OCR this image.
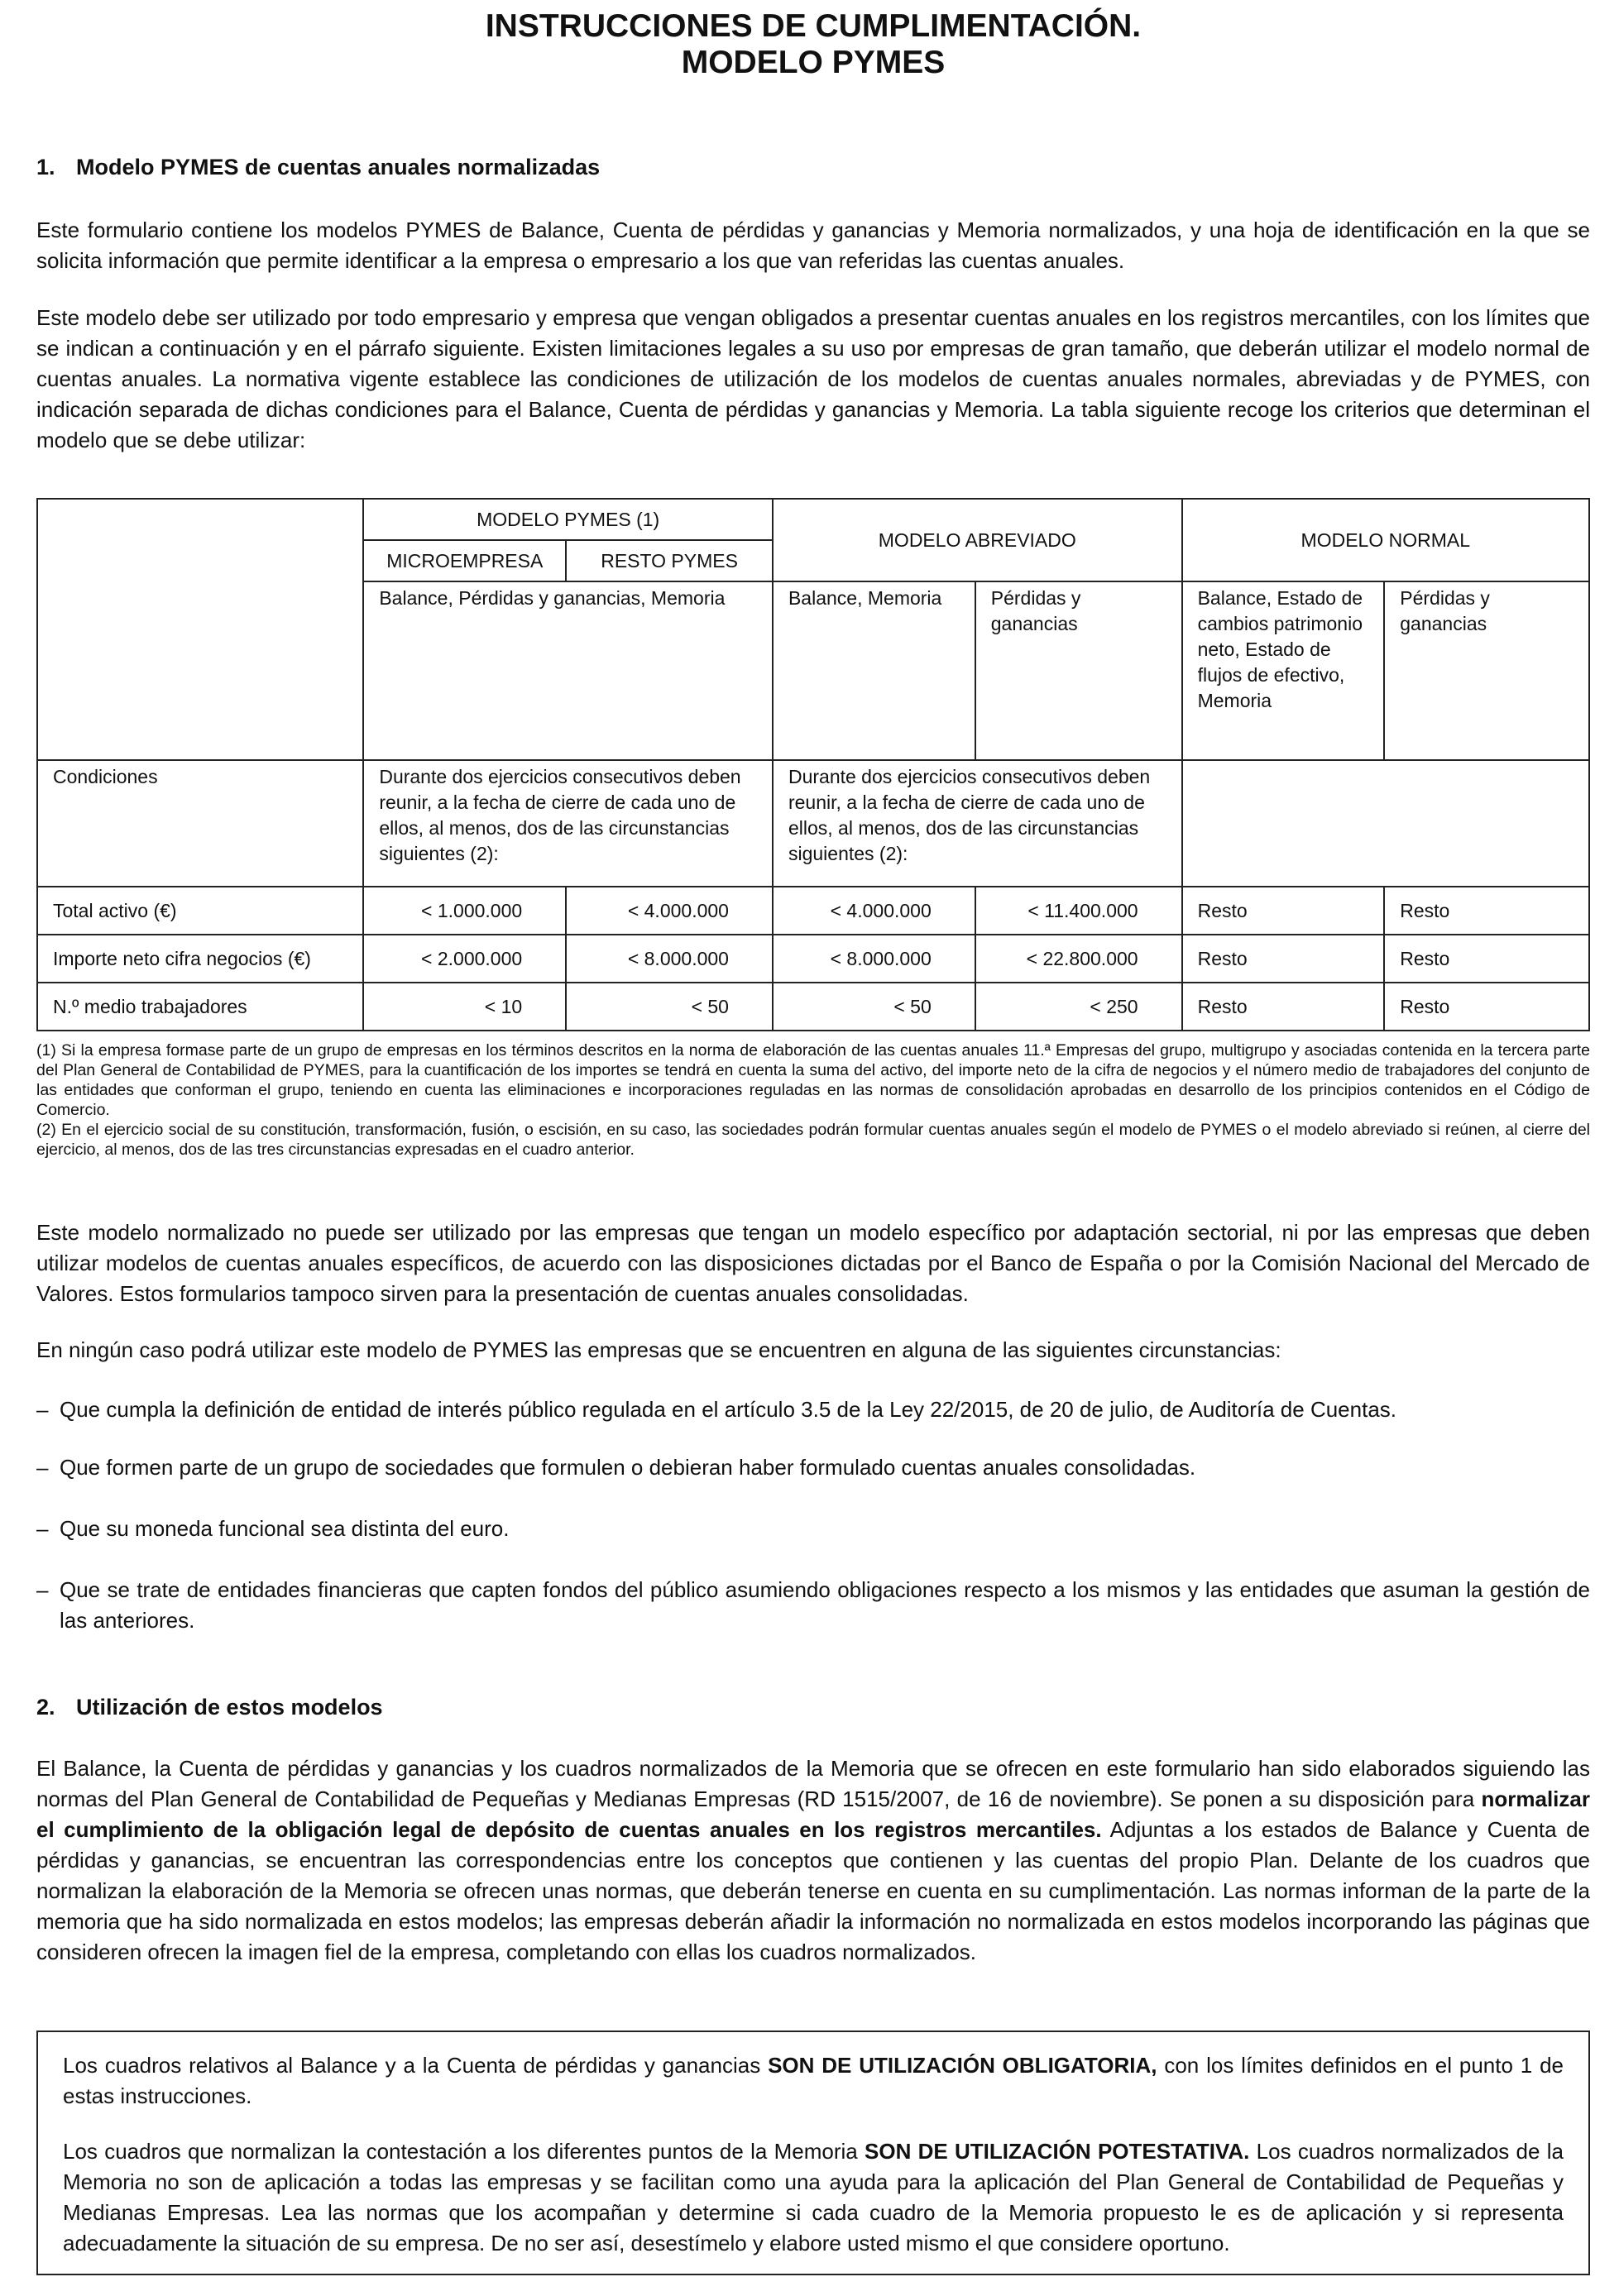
INSTRUCCIONES DE CUMPLIMENTACIÓN.
MODELO PYMES
1. Modelo PYMES de cuentas anuales normalizadas
Este formulario contiene los modelos PYMES de Balance, Cuenta de pérdidas y ganancias y Memoria normalizados, y una hoja de identificación en la que se solicita información que permite identificar a la empresa o empresario a los que van referidas las cuentas anuales.
Este modelo debe ser utilizado por todo empresario y empresa que vengan obligados a presentar cuentas anuales en los registros mercantiles, con los límites que se indican a continuación y en el párrafo siguiente. Existen limitaciones legales a su uso por empresas de gran tamaño, que deberán utilizar el modelo normal de cuentas anuales. La normativa vigente establece las condiciones de utilización de los modelos de cuentas anuales normales, abreviadas y de PYMES, con indicación separada de dichas condiciones para el Balance, Cuenta de pérdidas y ganancias y Memoria. La tabla siguiente recoge los criterios que determinan el modelo que se debe utilizar:
	MODELO PYMES (1)		MODELO ABREVIADO		MODELO NORMAL	
	MICROEMPRESA	RESTO PYMES				
	Balance, Pérdidas y ganancias, Memoria		Balance, Memoria	Pérdidas y ganancias	Balance, Estado de cambios patrimonio neto, Estado de flujos de efectivo, Memoria	Pérdidas y ganancias
Condiciones	Durante dos ejercicios consecutivos deben reunir, a la fecha de cierre de cada uno de ellos, al menos, dos de las circunstancias siguientes (2):		Durante dos ejercicios consecutivos deben reunir, a la fecha de cierre de cada uno de ellos, al menos, dos de las circunstancias siguientes (2):			
Total activo (€)	< 1.000.000	< 4.000.000	< 4.000.000	< 11.400.000	Resto	Resto
Importe neto cifra negocios (€)	< 2.000.000	< 8.000.000	< 8.000.000	< 22.800.000	Resto	Resto
N.º medio trabajadores	< 10	< 50	< 50	< 250	Resto	Resto
(1) Si la empresa formase parte de un grupo de empresas en los términos descritos en la norma de elaboración de las cuentas anuales 11.ª Empresas del grupo, multigrupo y asociadas contenida en la tercera parte del Plan General de Contabilidad de PYMES, para la cuantificación de los importes se tendrá en cuenta la suma del activo, del importe neto de la cifra de negocios y el número medio de trabajadores del conjunto de las entidades que conforman el grupo, teniendo en cuenta las eliminaciones e incorporaciones reguladas en las normas de consolidación aprobadas en desarrollo de los principios contenidos en el Código de Comercio.
(2) En el ejercicio social de su constitución, transformación, fusión, o escisión, en su caso, las sociedades podrán formular cuentas anuales según el modelo de PYMES o el modelo abreviado si reúnen, al cierre del ejercicio, al menos, dos de las tres circunstancias expresadas en el cuadro anterior.
Este modelo normalizado no puede ser utilizado por las empresas que tengan un modelo específico por adaptación sectorial, ni por las empresas que deben utilizar modelos de cuentas anuales específicos, de acuerdo con las disposiciones dictadas por el Banco de España o por la Comisión Nacional del Mercado de Valores. Estos formularios tampoco sirven para la presentación de cuentas anuales consolidadas.
En ningún caso podrá utilizar este modelo de PYMES las empresas que se encuentren en alguna de las siguientes circunstancias:
– Que cumpla la definición de entidad de interés público regulada en el artículo 3.5 de la Ley 22/2015, de 20 de julio, de Auditoría de Cuentas.
– Que formen parte de un grupo de sociedades que formulen o debieran haber formulado cuentas anuales consolidadas.
– Que su moneda funcional sea distinta del euro.
– Que se trate de entidades financieras que capten fondos del público asumiendo obligaciones respecto a los mismos y las entidades que asuman la gestión de las anteriores.
2. Utilización de estos modelos
El Balance, la Cuenta de pérdidas y ganancias y los cuadros normalizados de la Memoria que se ofrecen en este formulario han sido elaborados siguiendo las normas del Plan General de Contabilidad de Pequeñas y Medianas Empresas (RD 1515/2007, de 16 de noviembre). Se ponen a su disposición para normalizar el cumplimiento de la obligación legal de depósito de cuentas anuales en los registros mercantiles. Adjuntas a los estados de Balance y Cuenta de pérdidas y ganancias, se encuentran las correspondencias entre los conceptos que contienen y las cuentas del propio Plan. Delante de los cuadros que normalizan la elaboración de la Memoria se ofrecen unas normas, que deberán tenerse en cuenta en su cumplimentación. Las normas informan de la parte de la memoria que ha sido normalizada en estos modelos; las empresas deberán añadir la información no normalizada en estos modelos incorporando las páginas que consideren ofrecen la imagen fiel de la empresa, completando con ellas los cuadros normalizados.

Los cuadros relativos al Balance y a la Cuenta de pérdidas y ganancias SON DE UTILIZACIÓN OBLIGATORIA, con los límites definidos en el punto 1 de estas instrucciones.

Los cuadros que normalizan la contestación a los diferentes puntos de la Memoria SON DE UTILIZACIÓN POTESTATIVA. Los cuadros normalizados de la Memoria no son de aplicación a todas las empresas y se facilitan como una ayuda para la aplicación del Plan General de Contabilidad de Pequeñas y Medianas Empresas. Lea las normas que los acompañan y determine si cada cuadro de la Memoria propuesto le es de aplicación y si representa adecuadamente la situación de su empresa. De no ser así, desestímelo y elabore usted mismo el que considere oportuno.
